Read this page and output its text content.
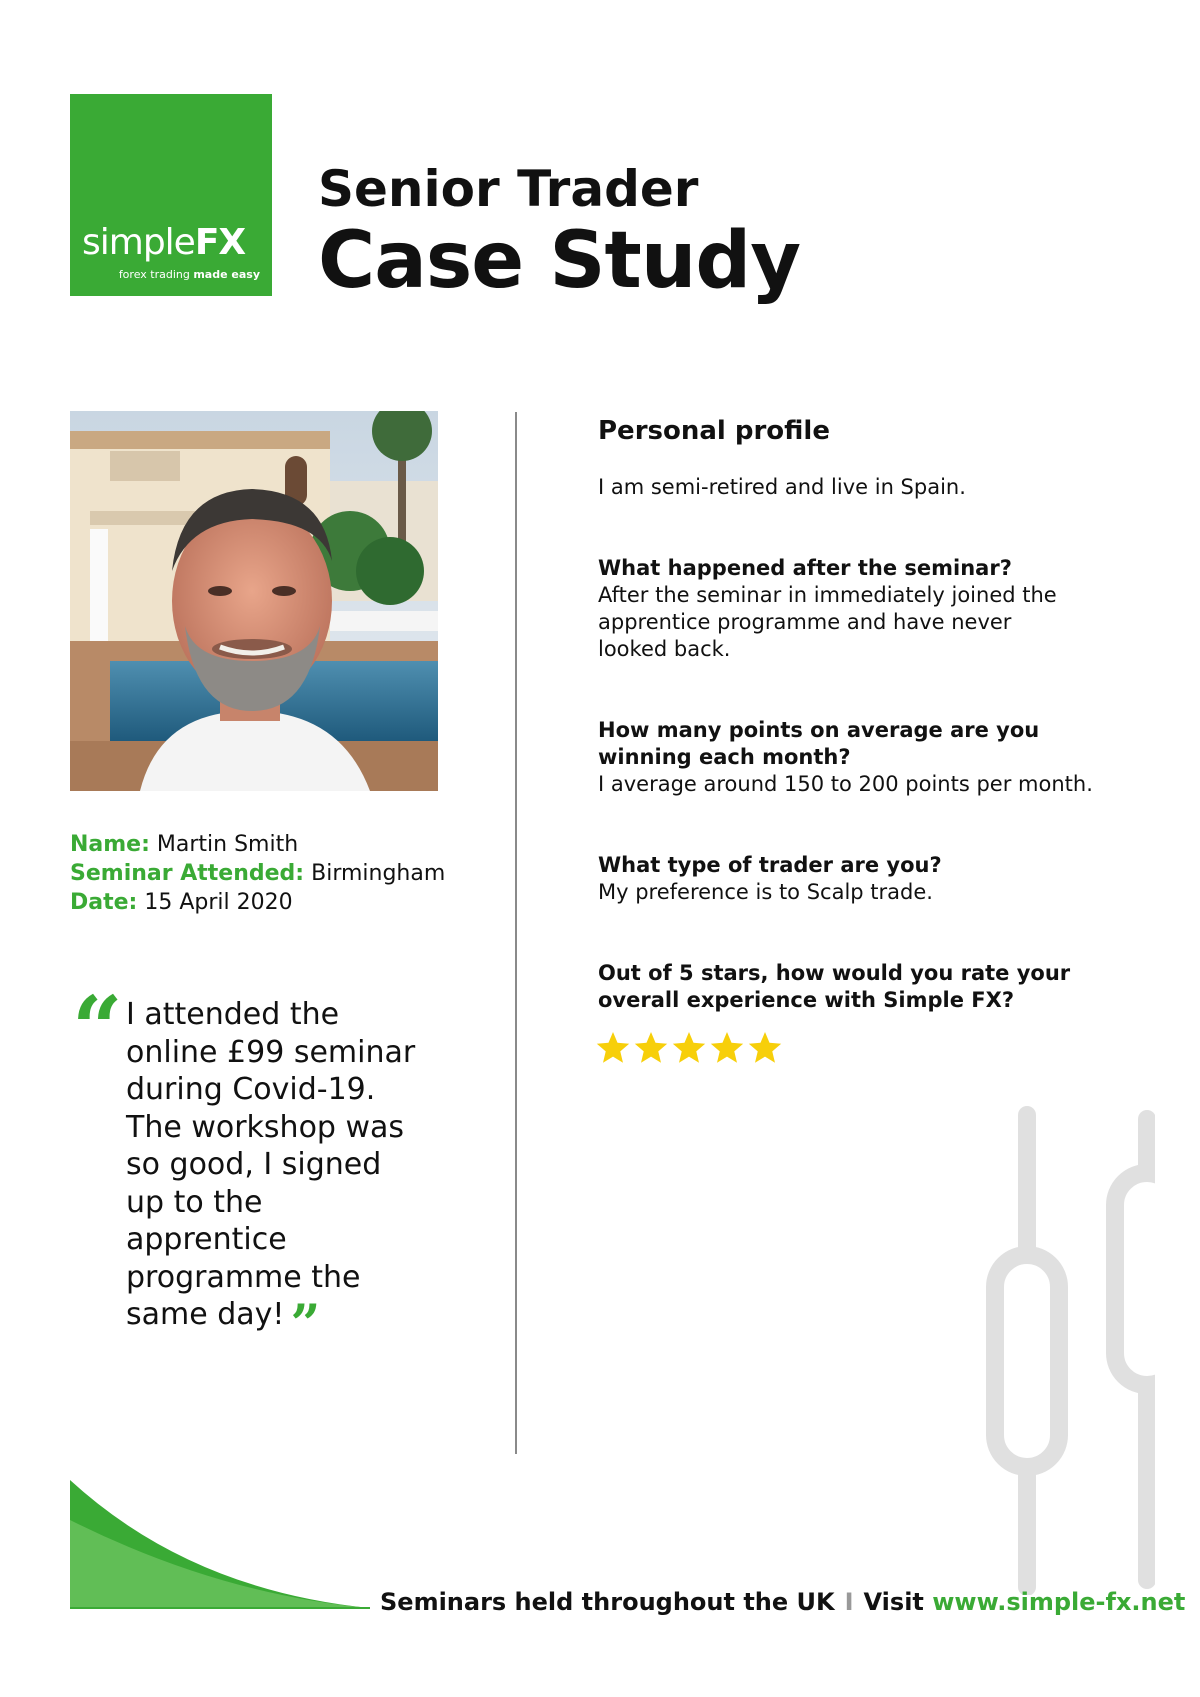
simpleFX
forex trading made easy
Senior Trader
Case Study
Name: Martin Smith
Seminar Attended: Birmingham
Date: 15 April 2020
“ I attended the online £99 seminar during Covid-19. The workshop was so good, I signed up to the apprentice programme the same day! ”
Personal profile
I am semi-retired and live in Spain.
What happened after the seminar?
After the seminar in immediately joined the apprentice programme and have never looked back.
How many points on average are you winning each month?
I average around 150 to 200 points per month.
What type of trader are you?
My preference is to Scalp trade.
Out of 5 stars, how would you rate your overall experience with Simple FX?
Seminars held throughout the UK I Visit www.simple-fx.net
